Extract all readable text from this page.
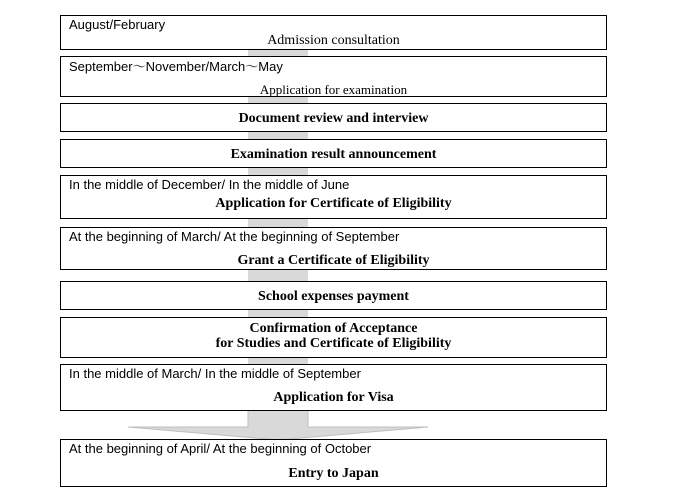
August/February
Admission consultation
September～November/March～May
Application for examination
Document review and interview
Examination result announcement
In the middle of December/ In the middle of June
Application for Certificate of Eligibility
At the beginning of March/ At the beginning of September
Grant a Certificate of Eligibility
School expenses payment
Confirmation of Acceptance
for Studies and Certificate of Eligibility
In the middle of March/ In the middle of September
Application for Visa
At the beginning of April/ At the beginning of October
Entry to Japan
